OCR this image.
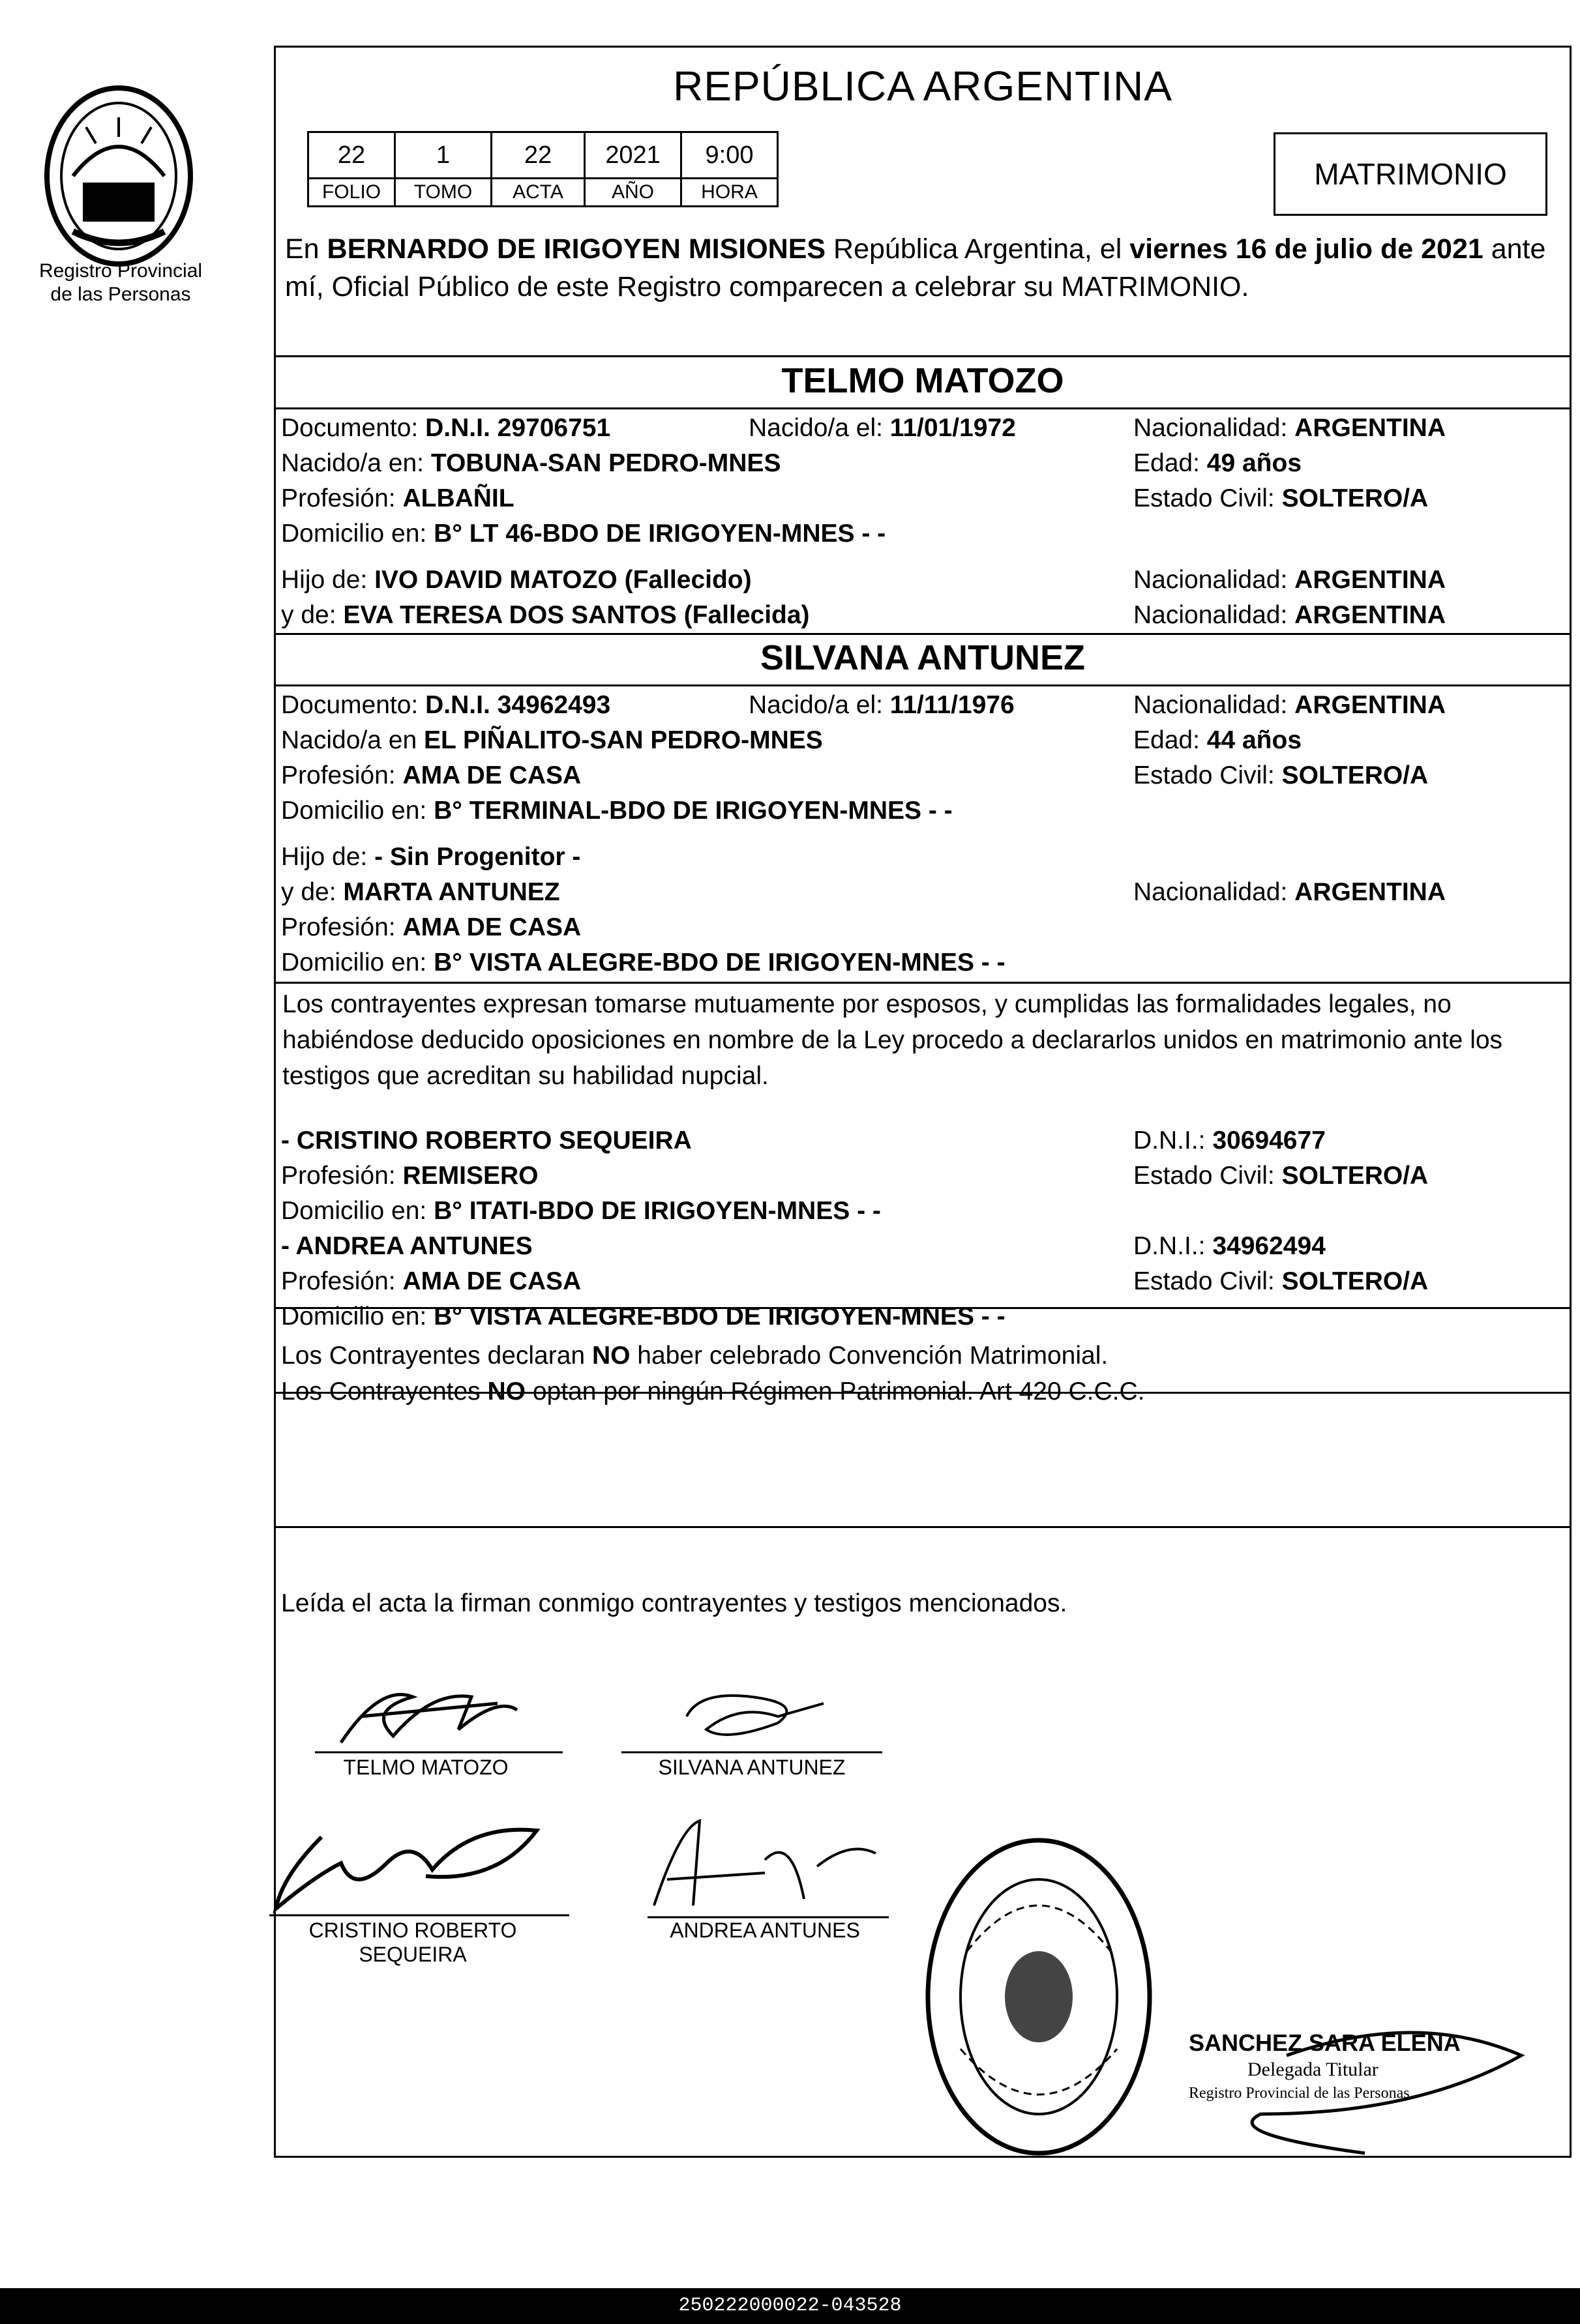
Registro Provincial de las Personas
REPÚBLICA ARGENTINA
22	1	22	2021	9:00
FOLIO	TOMO	ACTA	AÑO	HORA
MATRIMONIO
En BERNARDO DE IRIGOYEN MISIONES República Argentina, el viernes 16 de julio de 2021 ante mí, Oficial Público de este Registro comparecen a celebrar su MATRIMONIO.
TELMO MATOZO
Documento: D.N.I. 29706751	Nacido/a el: 11/01/1972	Nacionalidad: ARGENTINA
Nacido/a en: TOBUNA-SAN PEDRO-MNES	Edad: 49 años
Profesión: ALBAÑIL	Estado Civil: SOLTERO/A
Domicilio en: B° LT 46-BDO DE IRIGOYEN-MNES - -
Hijo de: IVO DAVID MATOZO (Fallecido)	Nacionalidad: ARGENTINA
y de: EVA TERESA DOS SANTOS (Fallecida)	Nacionalidad: ARGENTINA
SILVANA ANTUNEZ
Documento: D.N.I. 34962493	Nacido/a el: 11/11/1976	Nacionalidad: ARGENTINA
Nacido/a en EL PIÑALITO-SAN PEDRO-MNES	Edad: 44 años
Profesión: AMA DE CASA	Estado Civil: SOLTERO/A
Domicilio en: B° TERMINAL-BDO DE IRIGOYEN-MNES - -
Hijo de: - Sin Progenitor -
y de: MARTA ANTUNEZ	Nacionalidad: ARGENTINA
Profesión: AMA DE CASA
Domicilio en: B° VISTA ALEGRE-BDO DE IRIGOYEN-MNES - -
Los contrayentes expresan tomarse mutuamente por esposos, y cumplidas las formalidades legales, no habiéndose deducido oposiciones en nombre de la Ley procedo a declararlos unidos en matrimonio ante los testigos que acreditan su habilidad nupcial.
- CRISTINO ROBERTO SEQUEIRA	D.N.I.: 30694677
Profesión: REMISERO	Estado Civil: SOLTERO/A
Domicilio en: B° ITATI-BDO DE IRIGOYEN-MNES - -
- ANDREA ANTUNES	D.N.I.: 34962494
Profesión: AMA DE CASA	Estado Civil: SOLTERO/A
Domicilio en: B° VISTA ALEGRE-BDO DE IRIGOYEN-MNES - -
Los Contrayentes declaran NO haber celebrado Convención Matrimonial.
Los Contrayentes NO optan por ningún Régimen Patrimonial. Art 420 C.C.C.
Leída el acta la firman conmigo contrayentes y testigos mencionados.
TELMO MATOZO	SILVANA ANTUNEZ
CRISTINO ROBERTO SEQUEIRA
ANDREA ANTUNES
SANCHEZ SARA ELENA
Delegada Titular
Registro Provincial de las Personas
250222000022-043528
